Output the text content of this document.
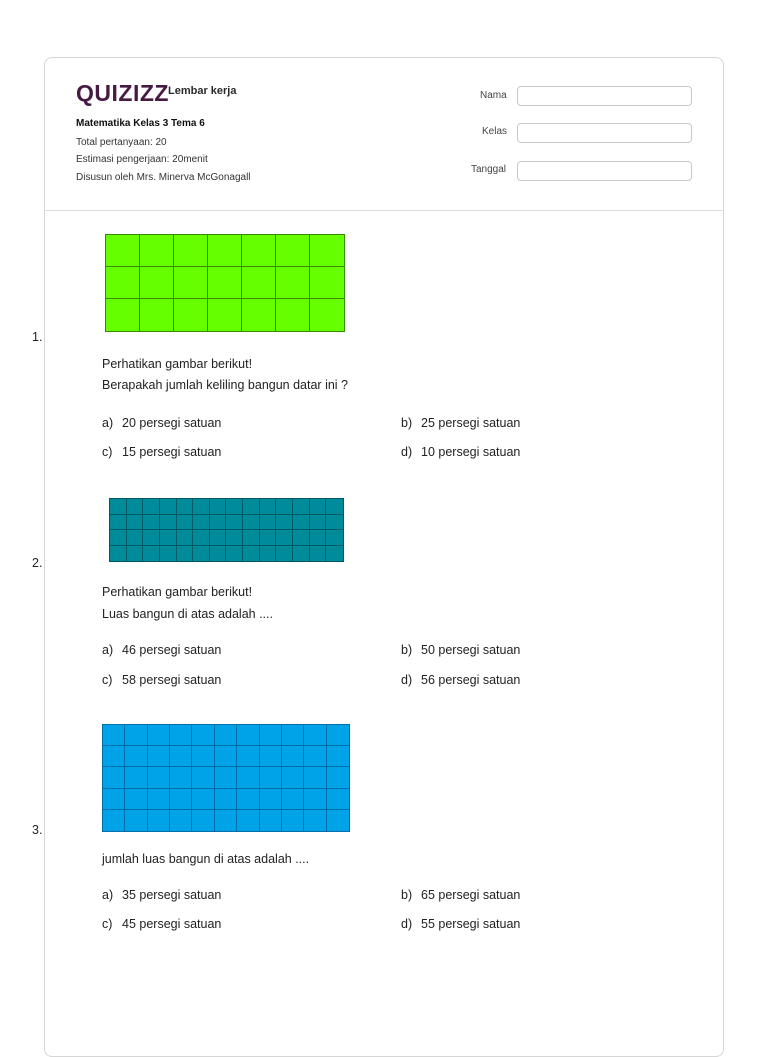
QUIZIZZ Lembar kerja
Matematika Kelas 3 Tema 6
Total pertanyaan: 20
Estimasi pengerjaan: 20menit
Disusun oleh Mrs. Minerva McGonagall
Nama
Kelas
Tanggal
1.
Perhatikan gambar berikut!
Berapakah jumlah keliling bangun datar ini ?
a) 20 persegi satuan	b) 25 persegi satuan
c) 15 persegi satuan	d) 10 persegi satuan
2.
Perhatikan gambar berikut!
Luas bangun di atas adalah ....
a) 46 persegi satuan	b) 50 persegi satuan
c) 58 persegi satuan	d) 56 persegi satuan
3.
jumlah luas bangun di atas adalah ....
a) 35 persegi satuan	b) 65 persegi satuan
c) 45 persegi satuan	d) 55 persegi satuan
